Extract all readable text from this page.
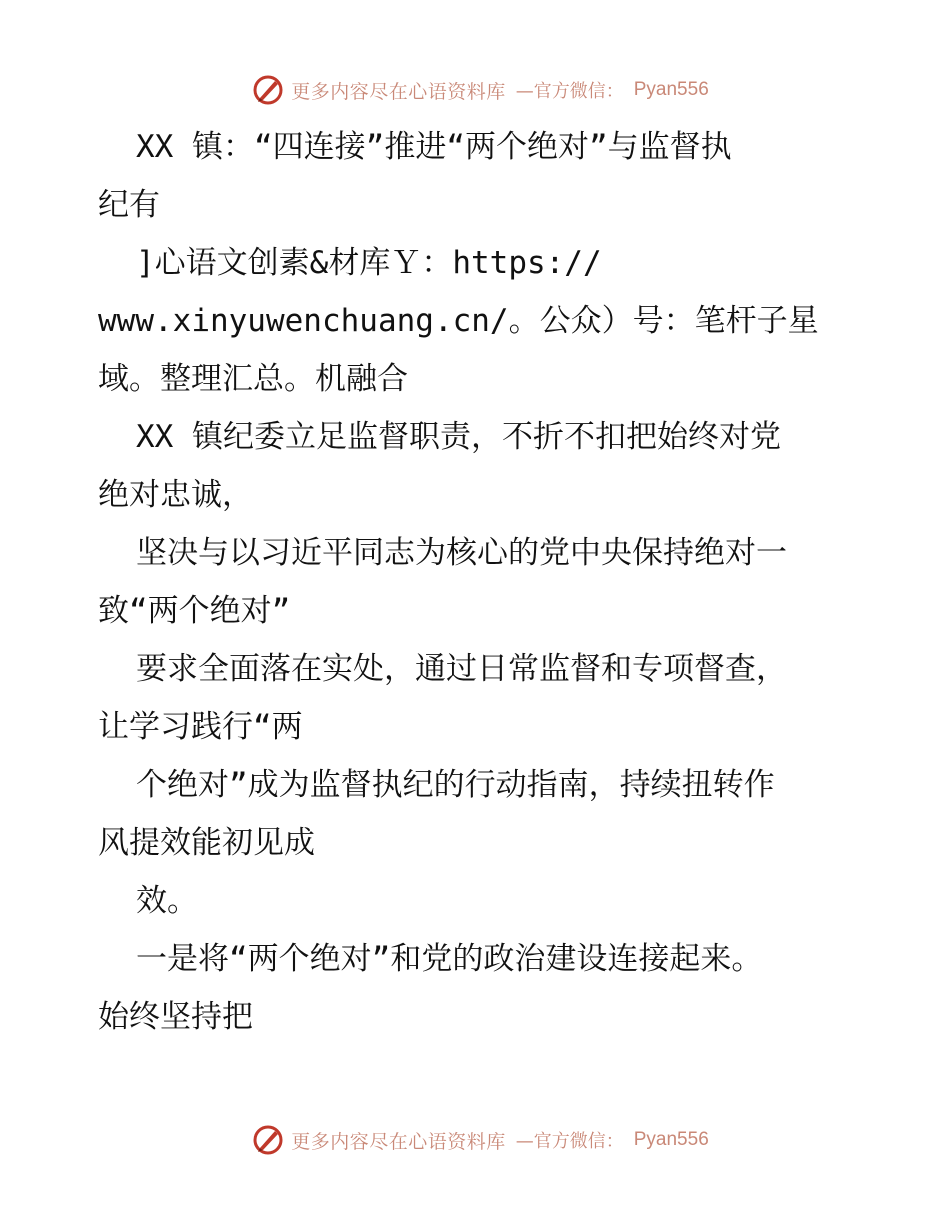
更多内容尽在心语资料库 —官方微信： Pyan556
XX 镇：“四连接”推进“两个绝对”与监督执
纪有
]心语文创素&材库Ｙ：https://
www.xinyuwenchuang.cn/。公众）号：笔杆子星
域。整理汇总。机融合
XX 镇纪委立足监督职责，不折不扣把始终对党
绝对忠诚，
坚决与以习近平同志为核心的党中央保持绝对一
致“两个绝对”
要求全面落在实处，通过日常监督和专项督查，
让学习践行“两
个绝对”成为监督执纪的行动指南，持续扭转作
风提效能初见成
效。
一是将“两个绝对”和党的政治建设连接起来。
始终坚持把
更多内容尽在心语资料库 —官方微信： Pyan556
